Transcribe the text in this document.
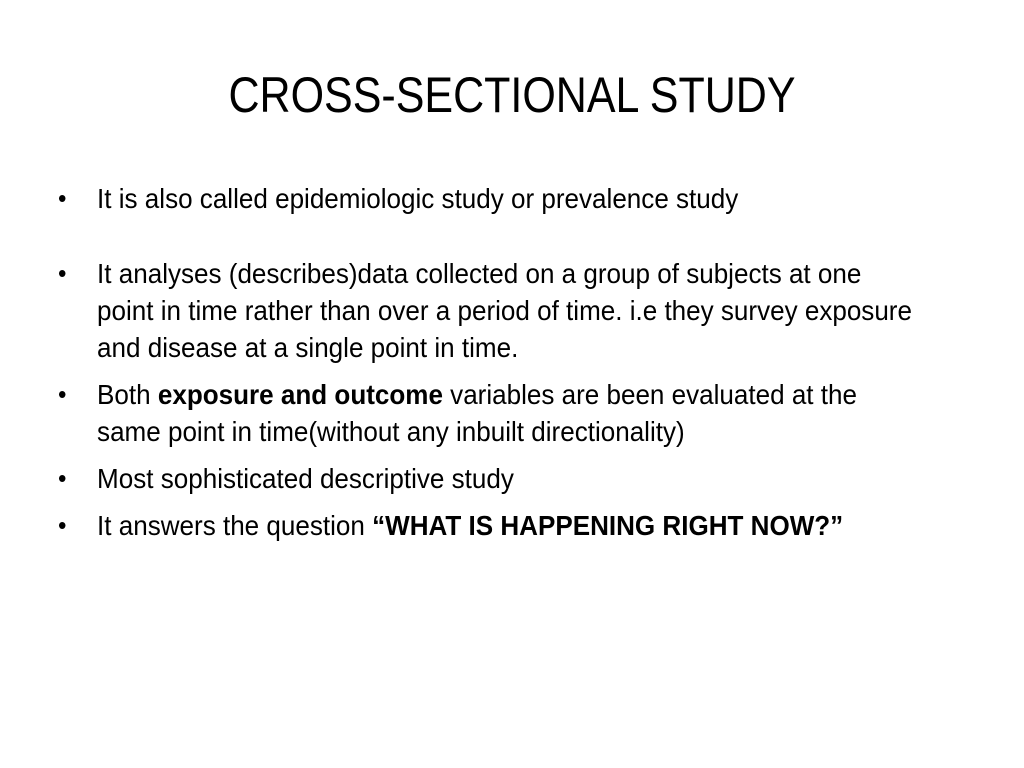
CROSS-SECTIONAL STUDY
•	It is also called epidemiologic study or prevalence study
•	It analyses (describes)data collected on a group of subjects at one point in time rather than over a period of time. i.e they survey exposure and disease at a single point in time.
•	Both exposure and outcome variables are been evaluated at the same point in time(without any inbuilt directionality)
•	Most sophisticated descriptive study
•	It answers the question “WHAT IS HAPPENING RIGHT NOW?”
